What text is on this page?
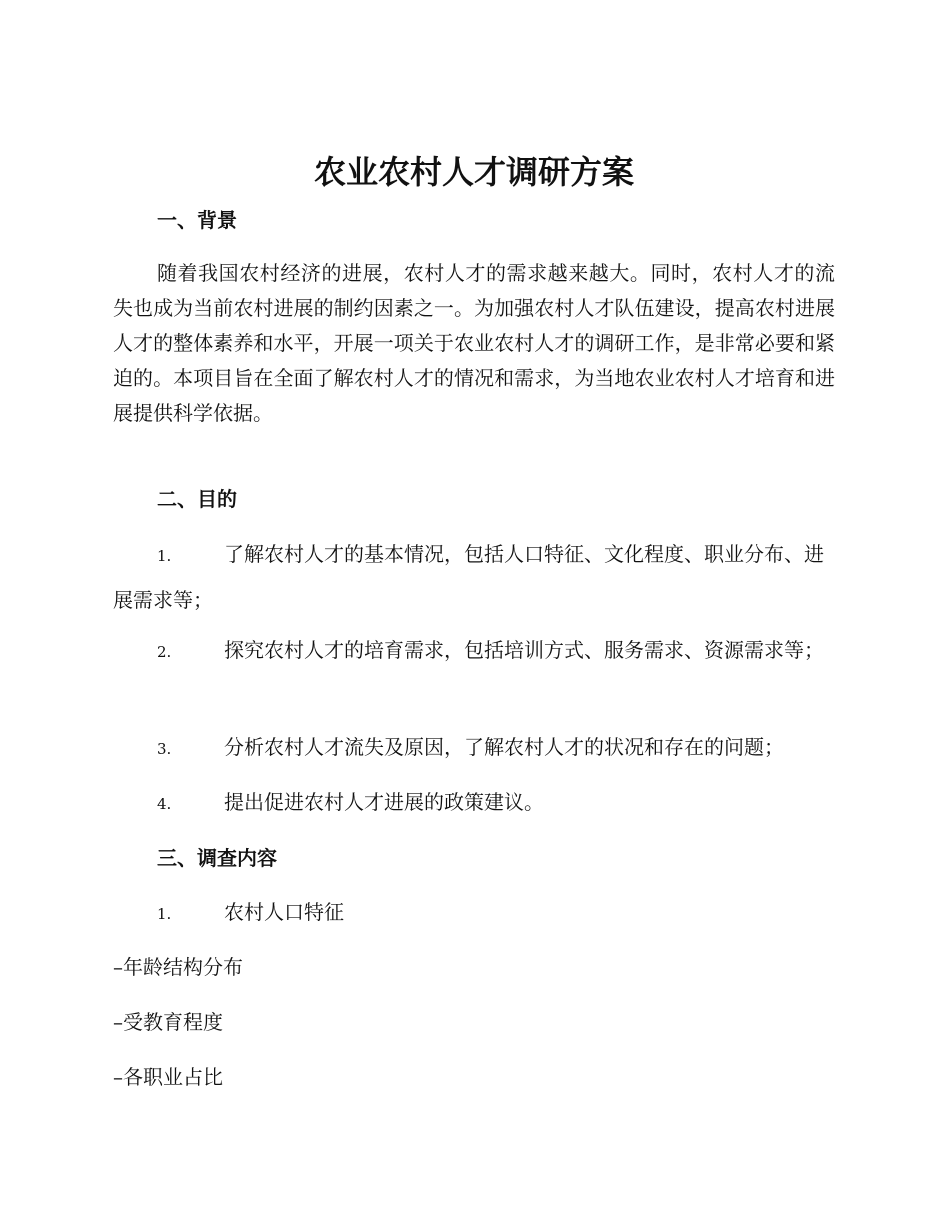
农业农村人才调研方案
一、背景

随着我国农村经济的进展，农村人才的需求越来越大。同时，农村人才的流失也成为当前农村进展的制约因素之一。为加强农村人才队伍建设，提高农村进展人才的整体素养和水平，开展一项关于农业农村人才的调研工作，是非常必要和紧迫的。本项目旨在全面了解农村人才的情况和需求，为当地农业农村人才培育和进展提供科学依据。

二、目的
1.	了解农村人才的基本情况，包括人口特征、文化程度、职业分布、进展需求等；
2.	探究农村人才的培育需求，包括培训方式、服务需求、资源需求等；
3.	分析农村人才流失及原因，了解农村人才的状况和存在的问题；
4.	提出促进农村人才进展的政策建议。
三、调查内容
1.	农村人口特征

–年龄结构分布

–受教育程度

–各职业占比
